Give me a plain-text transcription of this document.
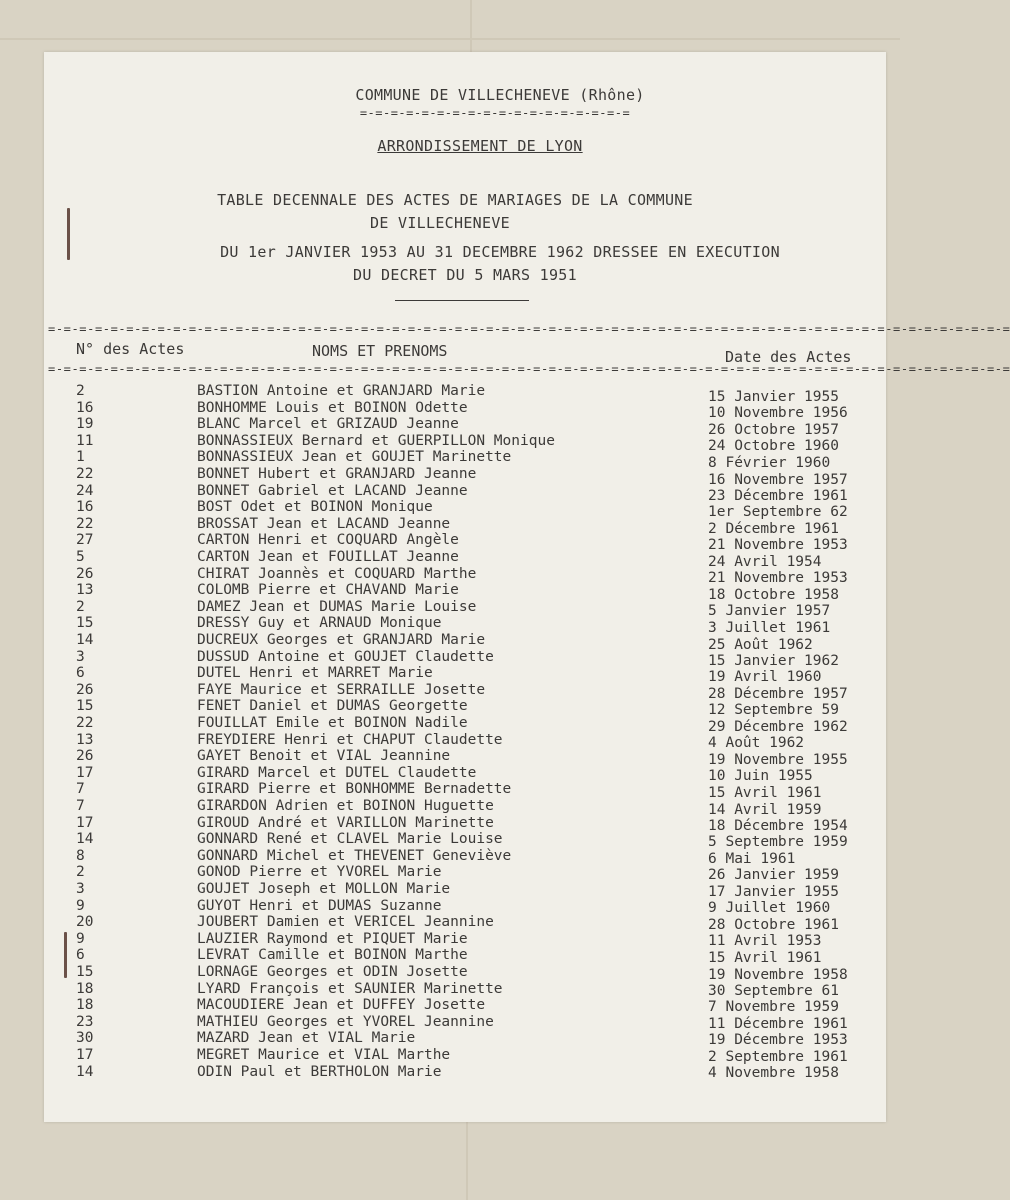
COMMUNE DE VILLECHENEVE (Rhône)
=-=-=-=-=-=-=-=-=-=-=-=-=-=-=-=-=-=
ARRONDISSEMENT DE LYON
TABLE DECENNALE DES ACTES DE MARIAGES DE LA COMMUNE
DE VILLECHENEVE
DU 1er JANVIER 1953 AU 31 DECEMBRE 1962 DRESSEE EN EXECUTION
DU DECRET DU 5 MARS 1951
=-=-=-=-=-=-=-=-=-=-=-=-=-=-=-=-=-=-=-=-=-=-=-=-=-=-=-=-=-=-=-=-=-=-=-=-=-=-=-=-=-=-=-=-=-=-=-=-=-=-=-=-=-=-=-=-=-=-=-=-=-=
N° des Actes	NOMS ET PRENOMS	Date des Actes
=-=-=-=-=-=-=-=-=-=-=-=-=-=-=-=-=-=-=-=-=-=-=-=-=-=-=-=-=-=-=-=-=-=-=-=-=-=-=-=-=-=-=-=-=-=-=-=-=-=-=-=-=-=-=-=-=-=-=-=-=-=
2	BASTION Antoine et GRANJARD Marie	15 Janvier 1955
16	BONHOMME Louis et BOINON Odette	10 Novembre 1956
19	BLANC Marcel et GRIZAUD Jeanne	26 Octobre 1957
11	BONNASSIEUX Bernard et GUERPILLON Monique	24 Octobre 1960
1	BONNASSIEUX Jean et GOUJET Marinette	8 Février 1960
22	BONNET Hubert et GRANJARD Jeanne	16 Novembre 1957
24	BONNET Gabriel et LACAND Jeanne	23 Décembre 1961
16	BOST Odet et BOINON Monique	1er Septembre 62
22	BROSSAT Jean et LACAND Jeanne	2 Décembre 1961
27	CARTON Henri et COQUARD Angèle	21 Novembre 1953
5	CARTON Jean et FOUILLAT Jeanne	24 Avril 1954
26	CHIRAT Joannès et COQUARD Marthe	21 Novembre 1953
13	COLOMB Pierre et CHAVAND Marie	18 Octobre 1958
2	DAMEZ Jean et DUMAS Marie Louise	5 Janvier 1957
15	DRESSY Guy et ARNAUD Monique	3 Juillet 1961
14	DUCREUX Georges et GRANJARD Marie	25 Août 1962
3	DUSSUD Antoine et GOUJET Claudette	15 Janvier 1962
6	DUTEL Henri et MARRET Marie	19 Avril 1960
26	FAYE Maurice et SERRAILLE Josette	28 Décembre 1957
15	FENET Daniel et DUMAS Georgette	12 Septembre 59
22	FOUILLAT Emile et BOINON Nadile	29 Décembre 1962
13	FREYDIERE Henri et CHAPUT Claudette	4 Août 1962
26	GAYET Benoit et VIAL Jeannine	19 Novembre 1955
17	GIRARD Marcel et DUTEL Claudette	10 Juin 1955
7	GIRARD Pierre et BONHOMME Bernadette	15 Avril 1961
7	GIRARDON Adrien et BOINON Huguette	14 Avril 1959
17	GIROUD André et VARILLON Marinette	18 Décembre 1954
14	GONNARD René et CLAVEL Marie Louise	5 Septembre 1959
8	GONNARD Michel et THEVENET Geneviève	6 Mai 1961
2	GONOD Pierre et YVOREL Marie	26 Janvier 1959
3	GOUJET Joseph et MOLLON Marie	17 Janvier 1955
9	GUYOT Henri et DUMAS Suzanne	9 Juillet 1960
20	JOUBERT Damien et VERICEL Jeannine	28 Octobre 1961
9	LAUZIER Raymond et PIQUET Marie	11 Avril 1953
6	LEVRAT Camille et BOINON Marthe	15 Avril 1961
15	LORNAGE Georges et ODIN Josette	19 Novembre 1958
18	LYARD François et SAUNIER Marinette	30 Septembre 61
18	MACOUDIERE Jean et DUFFEY Josette	7 Novembre 1959
23	MATHIEU Georges et YVOREL Jeannine	11 Décembre 1961
30	MAZARD Jean et VIAL Marie	19 Décembre 1953
17	MEGRET Maurice et VIAL Marthe	2 Septembre 1961
14	ODIN Paul et BERTHOLON Marie	4 Novembre 1958
